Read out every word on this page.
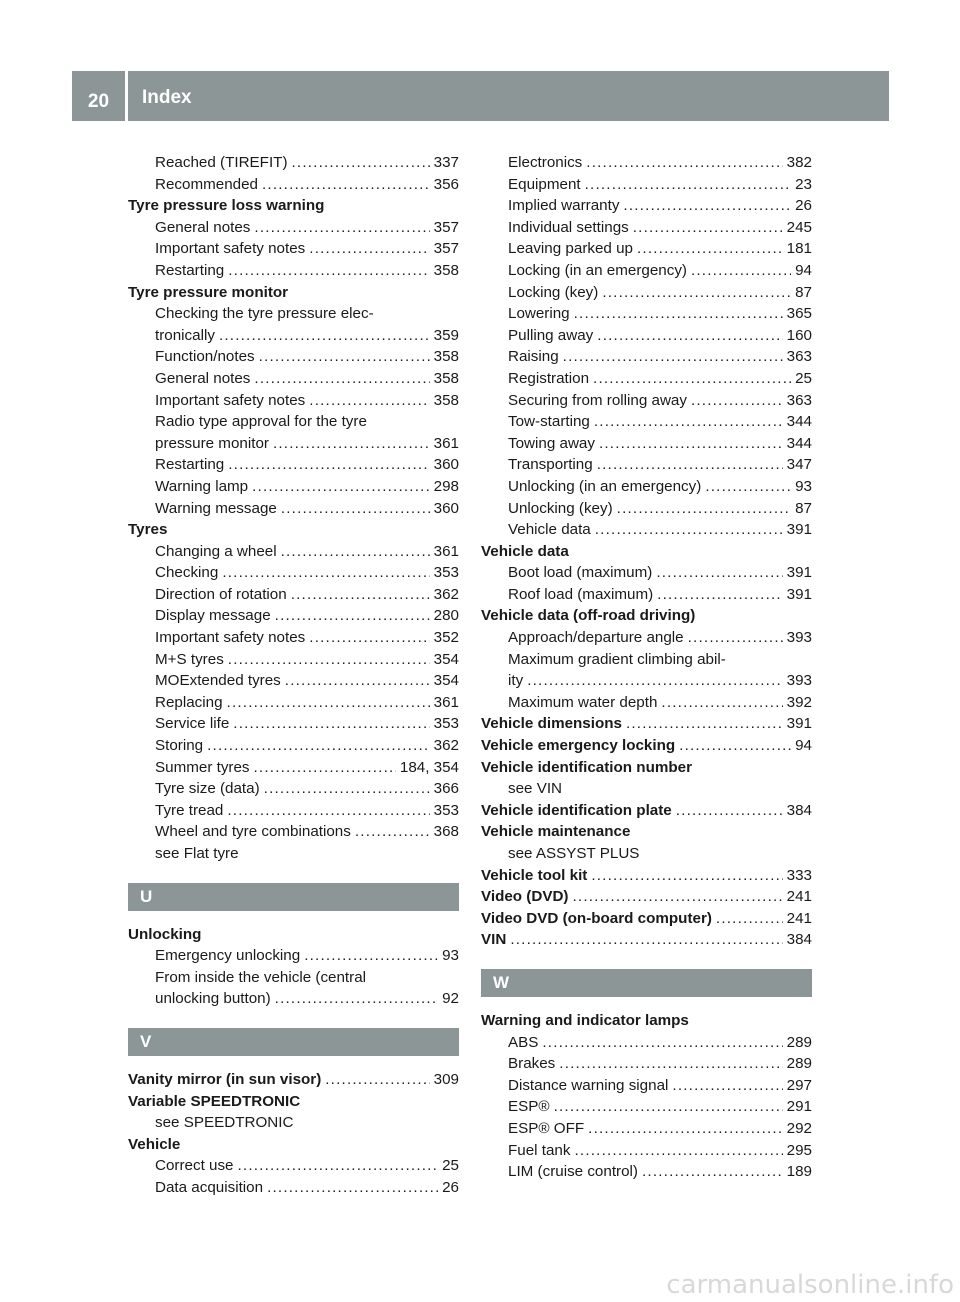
20	Index
Reached (TIREFIT) .....	337
Recommended .....	356
Tyre pressure loss warning
General notes .....	357
Important safety notes .....	357
Restarting .....	358
Tyre pressure monitor
Checking the tyre pressure elec-
tronically .....	359
Function/notes .....	358
General notes .....	358
Important safety notes .....	358
Radio type approval for the tyre
pressure monitor .....	361
Restarting .....	360
Warning lamp .....	298
Warning message .....	360
Tyres
Changing a wheel .....	361
Checking .....	353
Direction of rotation .....	362
Display message .....	280
Important safety notes .....	352
M+S tyres .....	354
MOExtended tyres .....	354
Replacing .....	361
Service life .....	353
Storing .....	362
Summer tyres .....	184, 354
Tyre size (data) .....	366
Tyre tread .....	353
Wheel and tyre combinations .....	368
see Flat tyre
U
Unlocking
Emergency unlocking .....	93
From inside the vehicle (central
unlocking button) .....	92
V
Vanity mirror (in sun visor) .....	309
Variable SPEEDTRONIC
see SPEEDTRONIC
Vehicle
Correct use .....	25
Data acquisition .....	26
Electronics .....	382
Equipment .....	23
Implied warranty .....	26
Individual settings .....	245
Leaving parked up .....	181
Locking (in an emergency) .....	94
Locking (key) .....	87
Lowering .....	365
Pulling away .....	160
Raising .....	363
Registration .....	25
Securing from rolling away .....	363
Tow-starting .....	344
Towing away .....	344
Transporting .....	347
Unlocking (in an emergency) .....	93
Unlocking (key) .....	87
Vehicle data .....	391
Vehicle data
Boot load (maximum) .....	391
Roof load (maximum) .....	391
Vehicle data (off-road driving)
Approach/departure angle .....	393
Maximum gradient climbing abil-
ity .....	393
Maximum water depth .....	392
Vehicle dimensions .....	391
Vehicle emergency locking .....	94
Vehicle identification number
see VIN
Vehicle identification plate .....	384
Vehicle maintenance
see ASSYST PLUS
Vehicle tool kit .....	333
Video (DVD) .....	241
Video DVD (on-board computer) .....	241
VIN .....	384
W
Warning and indicator lamps
ABS .....	289
Brakes .....	289
Distance warning signal .....	297
ESP® .....	291
ESP® OFF .....	292
Fuel tank .....	295
LIM (cruise control) .....	189
carmanualsonline.info
